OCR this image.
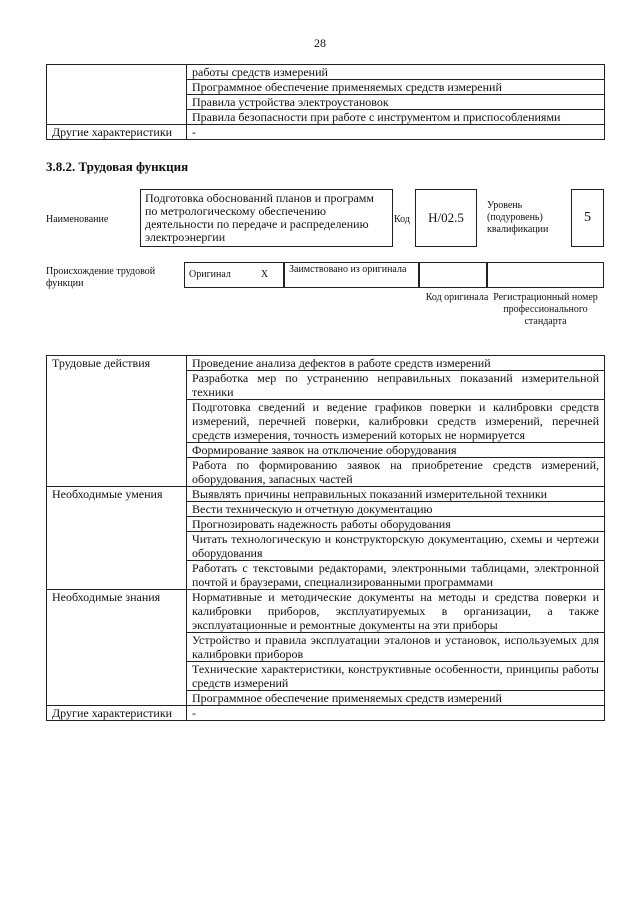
28
	работы средств измерений
	Программное обеспечение применяемых средств измерений
	Правила устройства электроустановок
	Правила безопасности при работе с инструментом и приспособлениями
Другие характеристики	-
3.8.2. Трудовая функция
Наименование
Подготовка обоснований планов и программ по метрологическому обеспечению деятельности по передаче и распределению электроэнергии
Код	Н/02.5
Уровень (подуровень) квалификации
5
Происхождение трудовой функции
Оригинал	X	Заимствовано из оригинала
Код оригинала Регистрационный номер профессионального стандарта
Трудовые действия	Проведение анализа дефектов в работе средств измерений
	Разработка мер по устранению неправильных показаний измерительной техники
	Подготовка сведений и ведение графиков поверки и калибровки средств измерений, перечней поверки, калибровки средств измерений, перечней средств измерения, точность измерений которых не нормируется
	Формирование заявок на отключение оборудования
	Работа по формированию заявок на приобретение средств измерений, оборудования, запасных частей
Необходимые умения	Выявлять причины неправильных показаний измерительной техники
	Вести техническую и отчетную документацию
	Прогнозировать надежность работы оборудования
	Читать технологическую и конструкторскую документацию, схемы и чертежи оборудования
	Работать с текстовыми редакторами, электронными таблицами, электронной почтой и браузерами, специализированными программами
Необходимые знания	Нормативные и методические документы на методы и средства поверки и калибровки приборов, эксплуатируемых в организации, а также эксплуатационные и ремонтные документы на эти приборы
	Устройство и правила эксплуатации эталонов и установок, используемых для калибровки приборов
	Технические характеристики, конструктивные особенности, принципы работы средств измерений
	Программное обеспечение применяемых средств измерений
Другие характеристики	-
